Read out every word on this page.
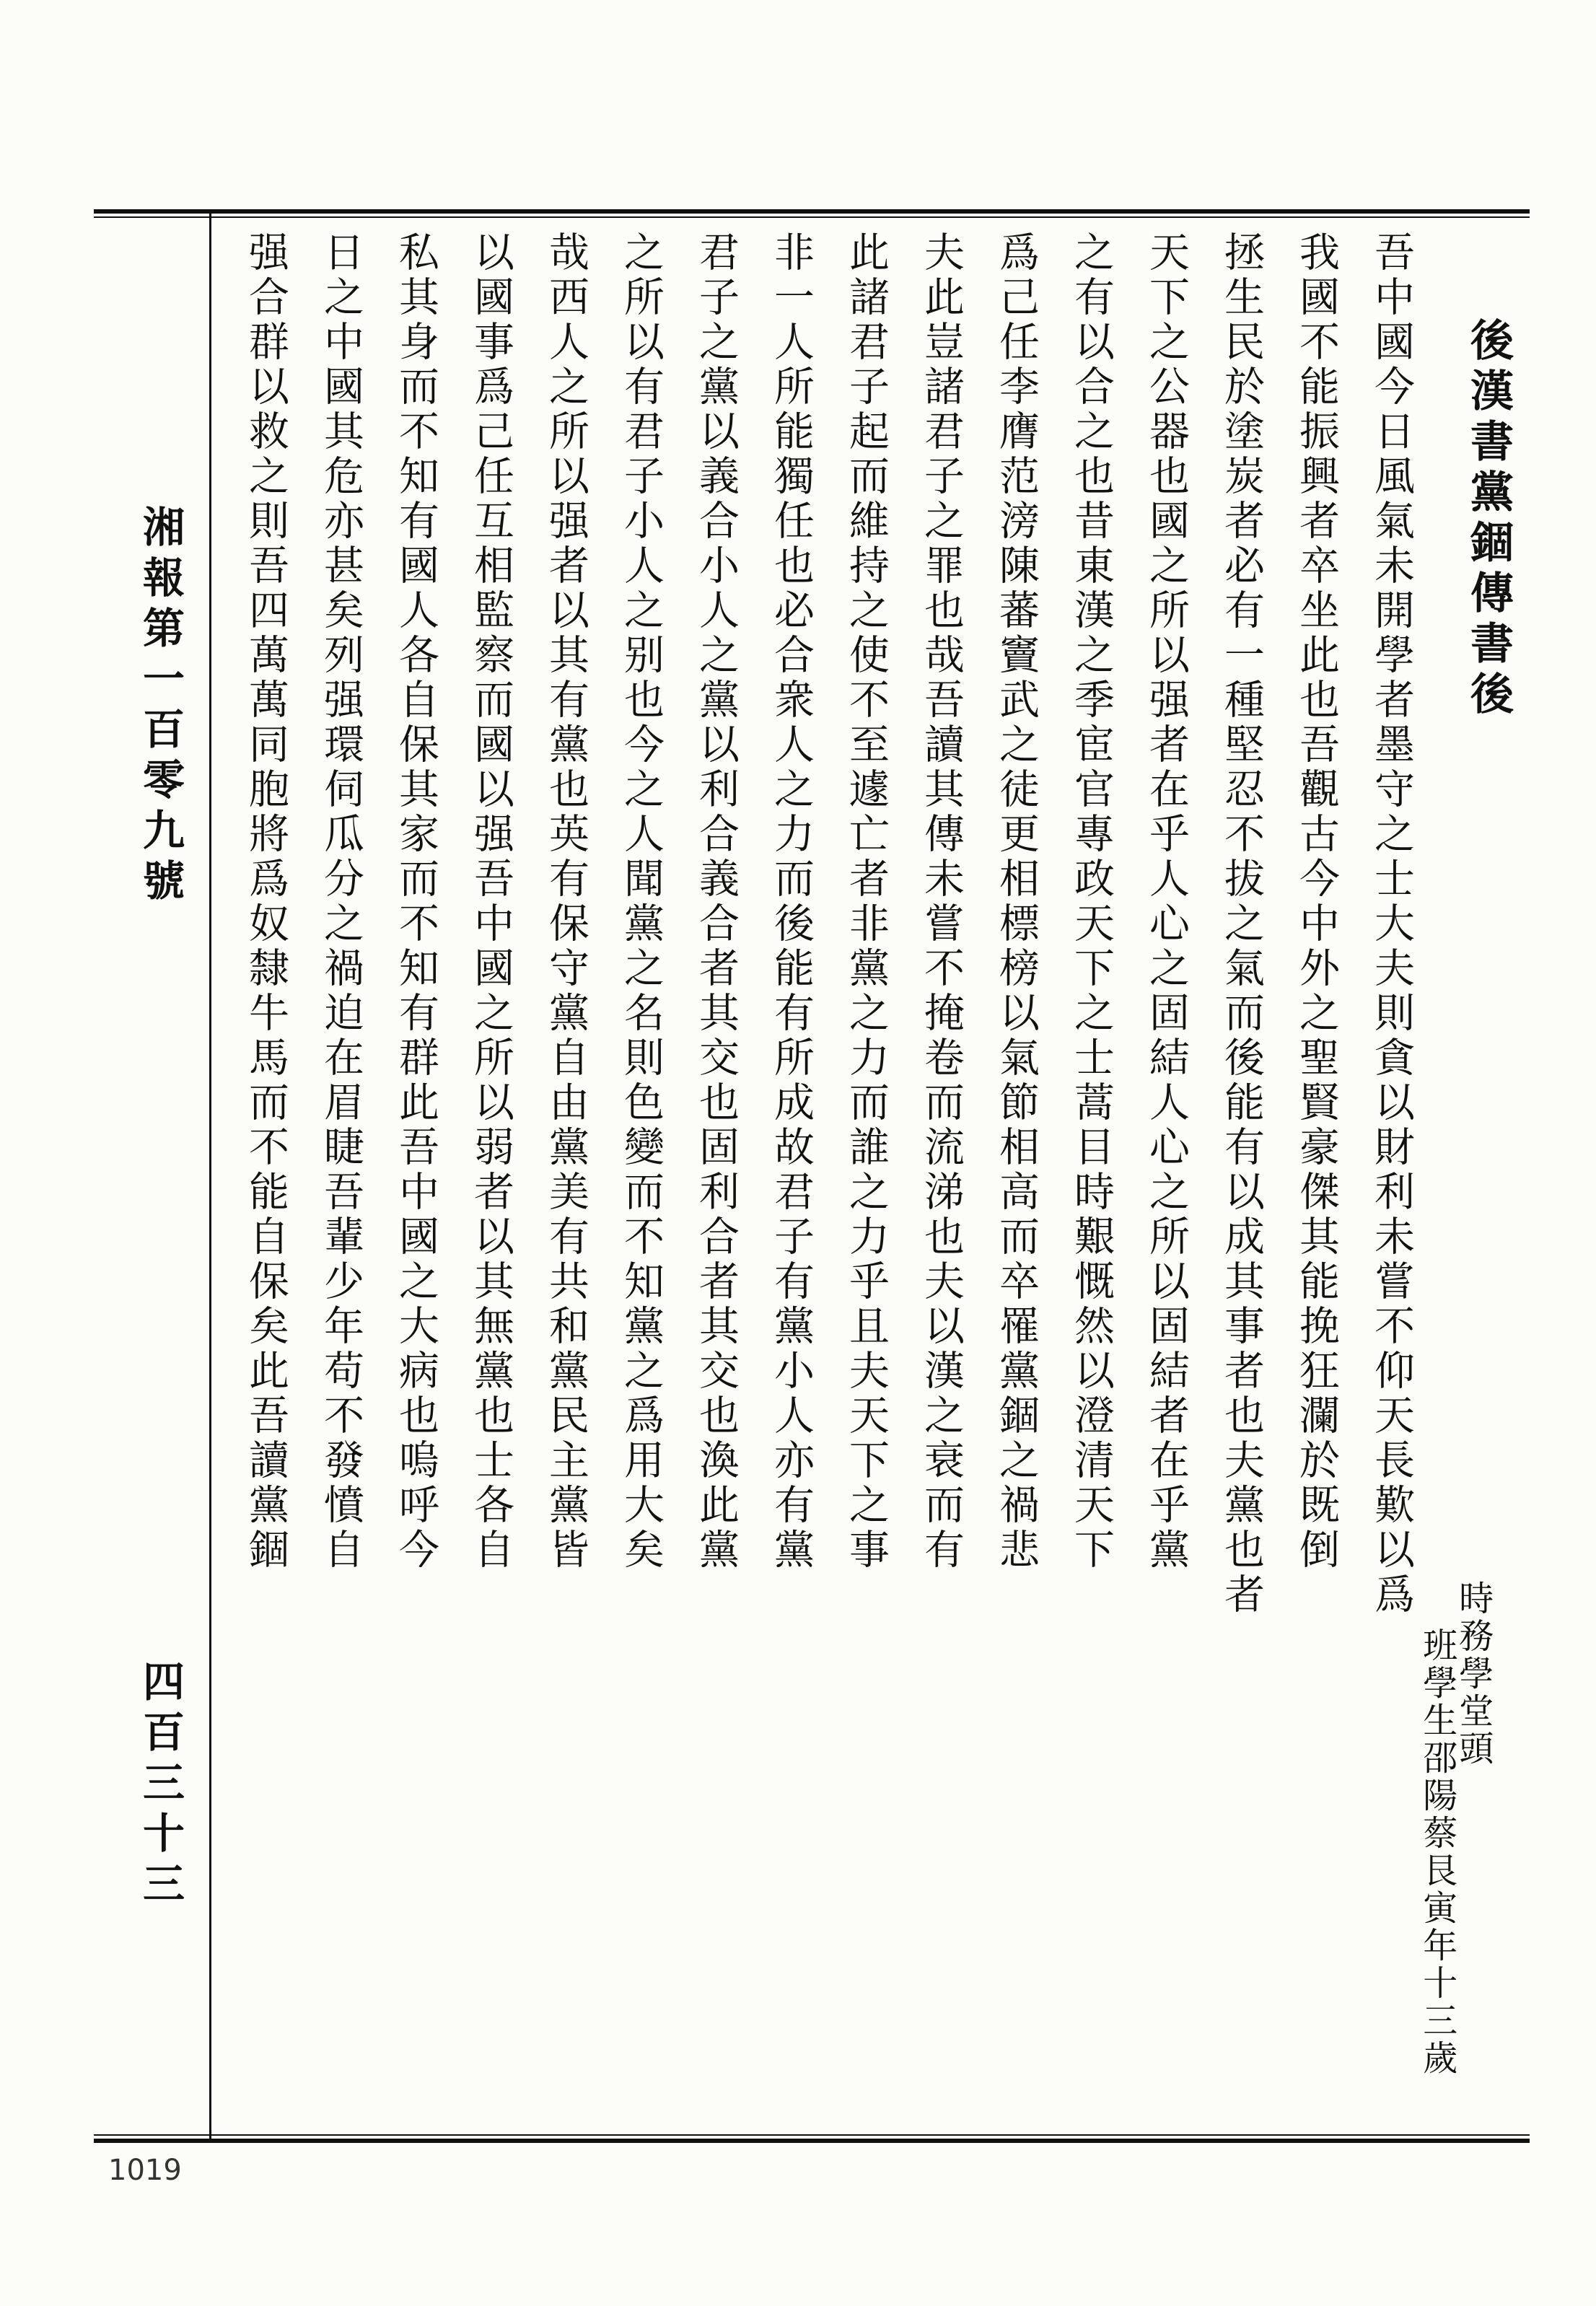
湘報第一百零九號
四百三十三
後漢書黨錮傳書後
時務學堂頭
班學生邵陽蔡艮寅年十三歲
吾中國今日風氣未開學者墨守之士大夫則貪以財利未嘗不仰天長歎以爲
我國不能振興者卒坐此也吾觀古今中外之聖賢豪傑其能挽狂瀾於既倒
拯生民於塗炭者必有一種堅忍不拔之氣而後能有以成其事者也夫黨也者
天下之公器也國之所以强者在乎人心之固結人心之所以固結者在乎黨
之有以合之也昔東漢之季宦官專政天下之士蒿目時艱慨然以澄清天下
爲己任李膺范滂陳蕃竇武之徒更相標榜以氣節相高而卒罹黨錮之禍悲
夫此豈諸君子之罪也哉吾讀其傳未嘗不掩卷而流涕也夫以漢之衰而有
此諸君子起而維持之使不至遽亡者非黨之力而誰之力乎且夫天下之事
非一人所能獨任也必合衆人之力而後能有所成故君子有黨小人亦有黨
君子之黨以義合小人之黨以利合義合者其交也固利合者其交也渙此黨
之所以有君子小人之别也今之人聞黨之名則色變而不知黨之爲用大矣
哉西人之所以强者以其有黨也英有保守黨自由黨美有共和黨民主黨皆
以國事爲己任互相監察而國以强吾中國之所以弱者以其無黨也士各自
私其身而不知有國人各自保其家而不知有群此吾中國之大病也嗚呼今
日之中國其危亦甚矣列强環伺瓜分之禍迫在眉睫吾輩少年苟不發憤自
强合群以救之則吾四萬萬同胞將爲奴隸牛馬而不能自保矣此吾讀黨錮
1019
